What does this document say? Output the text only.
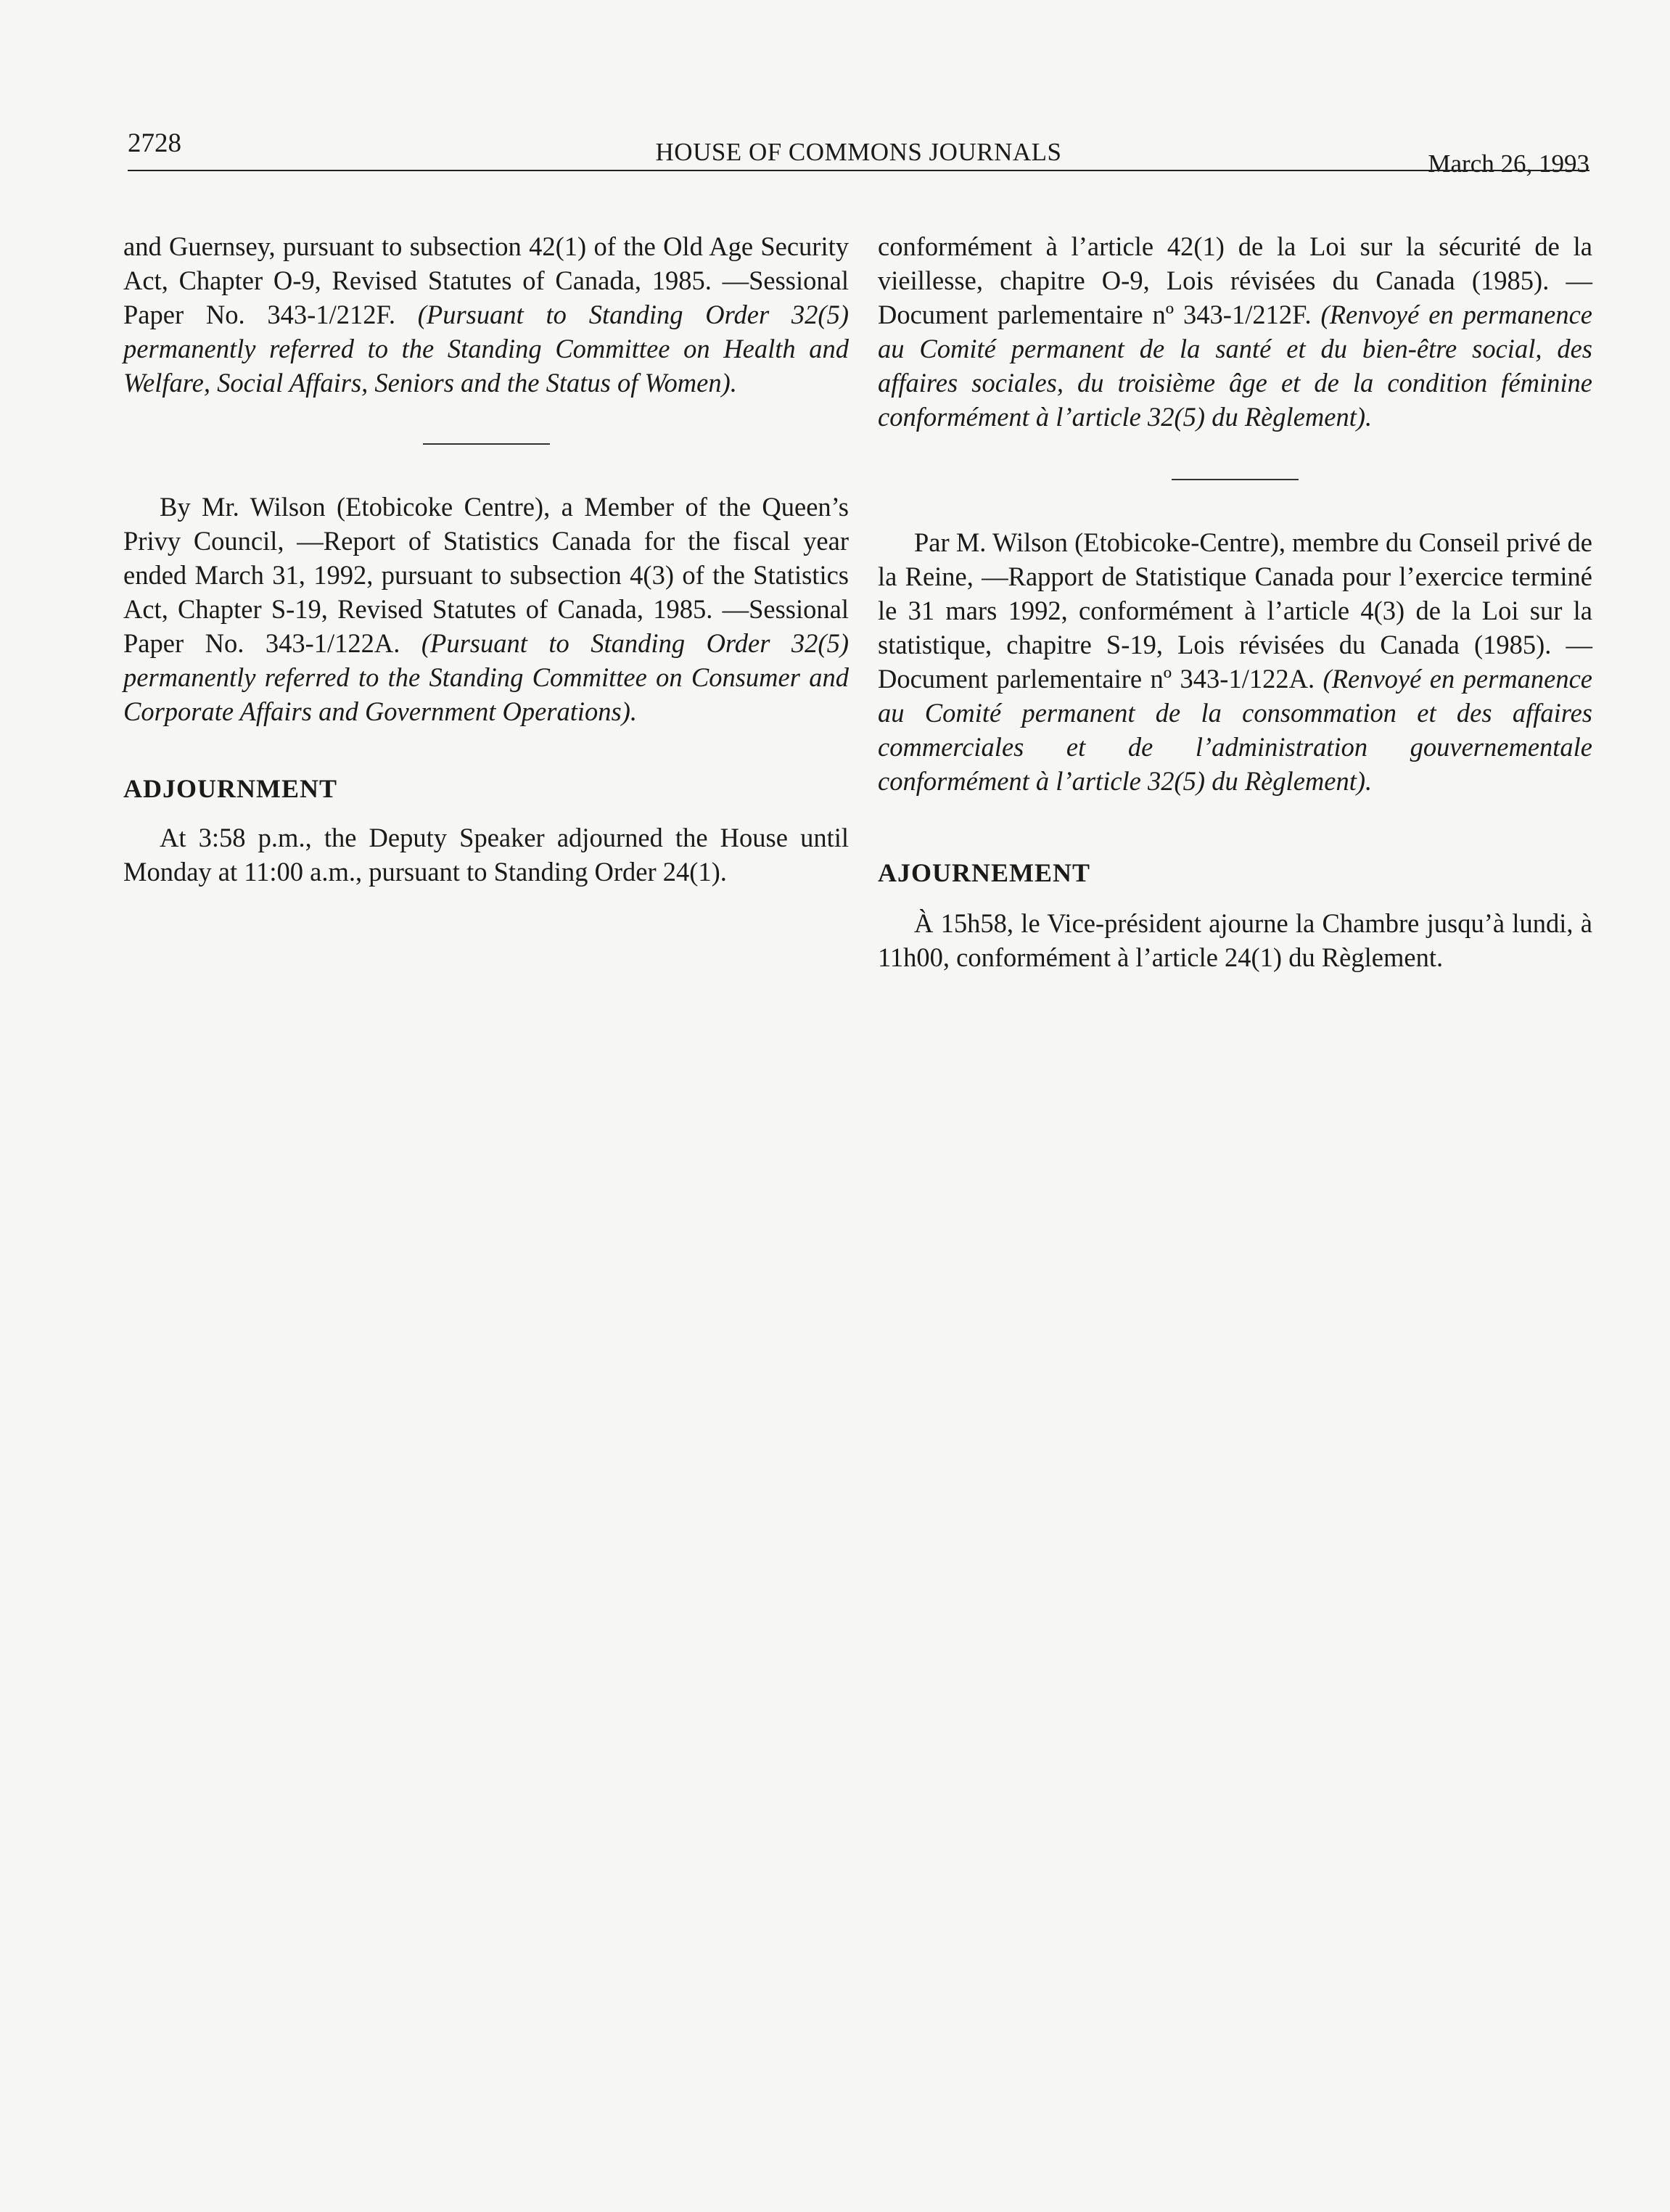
2728	HOUSE OF COMMONS JOURNALS	March 26, 1993

and Guernsey, pursuant to subsection 42(1) of the Old Age Security Act, Chapter O-9, Revised Statutes of Canada, 1985. —Sessional Paper No. 343-1/212F. (Pursuant to Standing Order 32(5) permanently referred to the Standing Committee on Health and Welfare, Social Affairs, Seniors and the Status of Women).

By Mr. Wilson (Etobicoke Centre), a Member of the Queen’s Privy Council, —Report of Statistics Canada for the fiscal year ended March 31, 1992, pursuant to subsection 4(3) of the Statistics Act, Chapter S-19, Revised Statutes of Canada, 1985. —Sessional Paper No. 343-1/122A. (Pursuant to Standing Order 32(5) permanently referred to the Standing Committee on Consumer and Corporate Affairs and Government Operations).

ADJOURNMENT

At 3:58 p.m., the Deputy Speaker adjourned the House until Monday at 11:00 a.m., pursuant to Standing Order 24(1).

conformément à l’article 42(1) de la Loi sur la sécurité de la vieillesse, chapitre O-9, Lois révisées du Canada (1985). —Document parlementaire nº 343-1/212F. (Renvoyé en permanence au Comité permanent de la santé et du bien-être social, des affaires sociales, du troisième âge et de la condition féminine conformément à l’article 32(5) du Règlement).

Par M. Wilson (Etobicoke-Centre), membre du Conseil privé de la Reine, —Rapport de Statistique Canada pour l’exercice terminé le 31 mars 1992, conformément à l’article 4(3) de la Loi sur la statistique, chapitre S-19, Lois révisées du Canada (1985). —Document parlementaire nº 343-1/122A. (Renvoyé en permanence au Comité permanent de la consommation et des affaires commerciales et de l’administration gouvernementale conformément à l’article 32(5) du Règlement).

AJOURNEMENT

À 15h58, le Vice-président ajourne la Chambre jusqu’à lundi, à 11h00, conformément à l’article 24(1) du Règlement.
